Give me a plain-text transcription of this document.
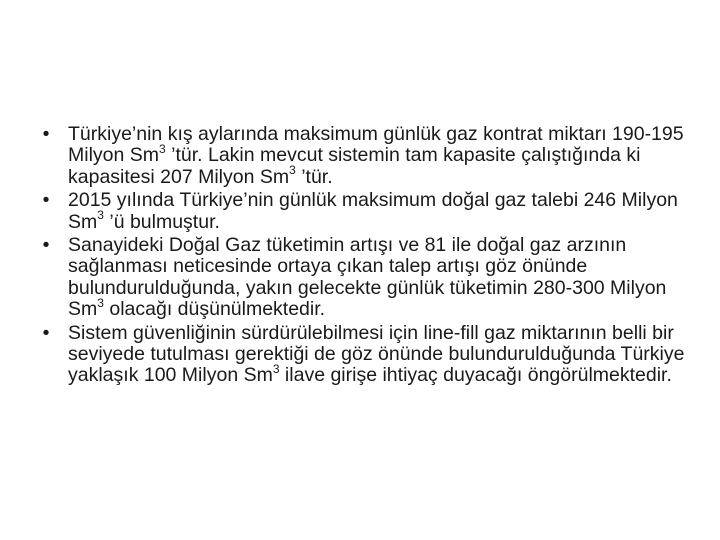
• Türkiye’nin kış aylarında maksimum günlük gaz kontrat miktarı 190-195 Milyon Sm$^3$ ’tür. Lakin mevcut sistemin tam kapasite çalıştığında ki kapasitesi 207 Milyon Sm$^3$ ’tür.
• 2015 yılında Türkiye’nin günlük maksimum doğal gaz talebi 246 Milyon Sm$^3$ ’ü bulmuştur.
• Sanayideki Doğal Gaz tüketimin artışı ve 81 ile doğal gaz arzının sağlanması neticesinde ortaya çıkan talep artışı göz önünde bulundurulduğunda, yakın gelecekte günlük tüketimin 280-300 Milyon Sm$^3$ olacağı düşünülmektedir.
• Sistem güvenliğinin sürdürülebilmesi için line-fill gaz miktarının belli bir seviyede tutulması gerektiği de göz önünde bulundurulduğunda Türkiye yaklaşık 100 Milyon Sm$^3$ ilave girişe ihtiyaç duyacağı öngörülmektedir.
